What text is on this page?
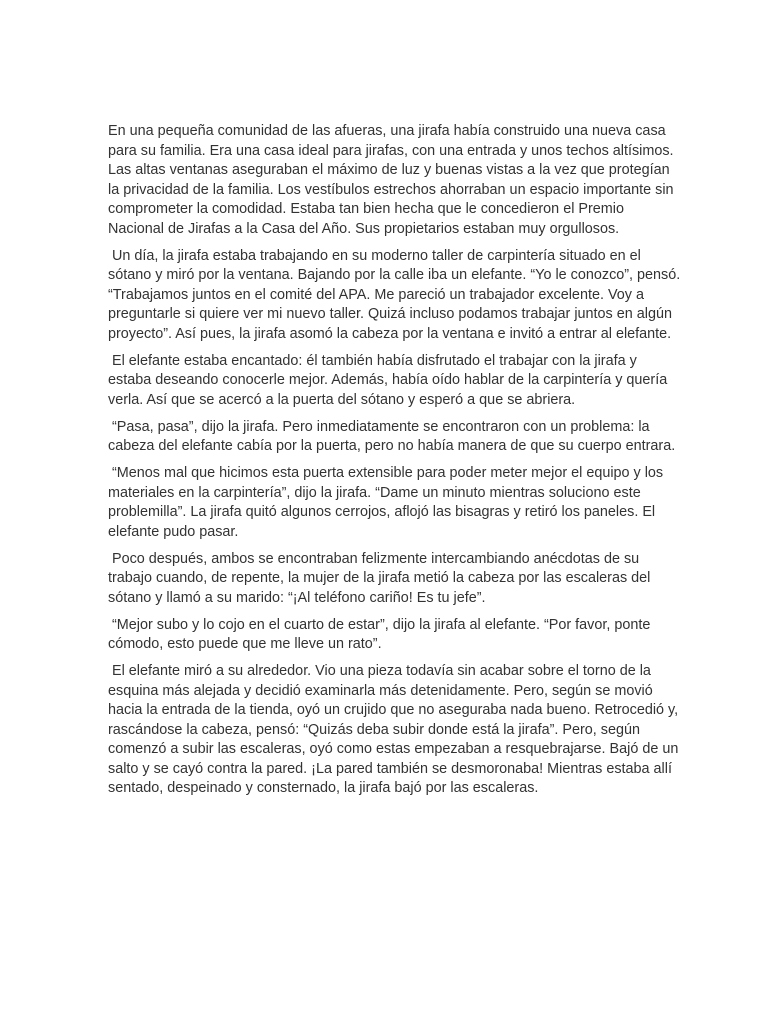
En una pequeña comunidad de las afueras, una jirafa había construido una nueva casa para su familia. Era una casa ideal para jirafas, con una entrada y unos techos altísimos. Las altas ventanas aseguraban el máximo de luz y buenas vistas a la vez que protegían la privacidad de la familia. Los vestíbulos estrechos ahorraban un espacio importante sin comprometer la comodidad. Estaba tan bien hecha que le concedieron el Premio Nacional de Jirafas a la Casa del Año. Sus propietarios estaban muy orgullosos.

Un día, la jirafa estaba trabajando en su moderno taller de carpintería situado en el sótano y miró por la ventana. Bajando por la calle iba un elefante. “Yo le conozco”, pensó. “Trabajamos juntos en el comité del APA. Me pareció un trabajador excelente. Voy a preguntarle si quiere ver mi nuevo taller. Quizá incluso podamos trabajar juntos en algún proyecto”. Así pues, la jirafa asomó la cabeza por la ventana e invitó a entrar al elefante.

El elefante estaba encantado: él también había disfrutado el trabajar con la jirafa y estaba deseando conocerle mejor. Además, había oído hablar de la carpintería y quería verla. Así que se acercó a la puerta del sótano y esperó a que se abriera.

“Pasa, pasa”, dijo la jirafa. Pero inmediatamente se encontraron con un problema: la cabeza del elefante cabía por la puerta, pero no había manera de que su cuerpo entrara.

“Menos mal que hicimos esta puerta extensible para poder meter mejor el equipo y los materiales en la carpintería”, dijo la jirafa. “Dame un minuto mientras soluciono este problemilla”. La jirafa quitó algunos cerrojos, aflojó las bisagras y retiró los paneles. El elefante pudo pasar.

Poco después, ambos se encontraban felizmente intercambiando anécdotas de su trabajo cuando, de repente, la mujer de la jirafa metió la cabeza por las escaleras del sótano y llamó a su marido: “¡Al teléfono cariño! Es tu jefe”.

“Mejor subo y lo cojo en el cuarto de estar”, dijo la jirafa al elefante. “Por favor, ponte cómodo, esto puede que me lleve un rato”.

El elefante miró a su alrededor. Vio una pieza todavía sin acabar sobre el torno de la esquina más alejada y decidió examinarla más detenidamente. Pero, según se movió hacia la entrada de la tienda, oyó un crujido que no aseguraba nada bueno. Retrocedió y, rascándose la cabeza, pensó: “Quizás deba subir donde está la jirafa”. Pero, según comenzó a subir las escaleras, oyó como estas empezaban a resquebrajarse. Bajó de un salto y se cayó contra la pared. ¡La pared también se desmoronaba! Mientras estaba allí sentado, despeinado y consternado, la jirafa bajó por las escaleras.
